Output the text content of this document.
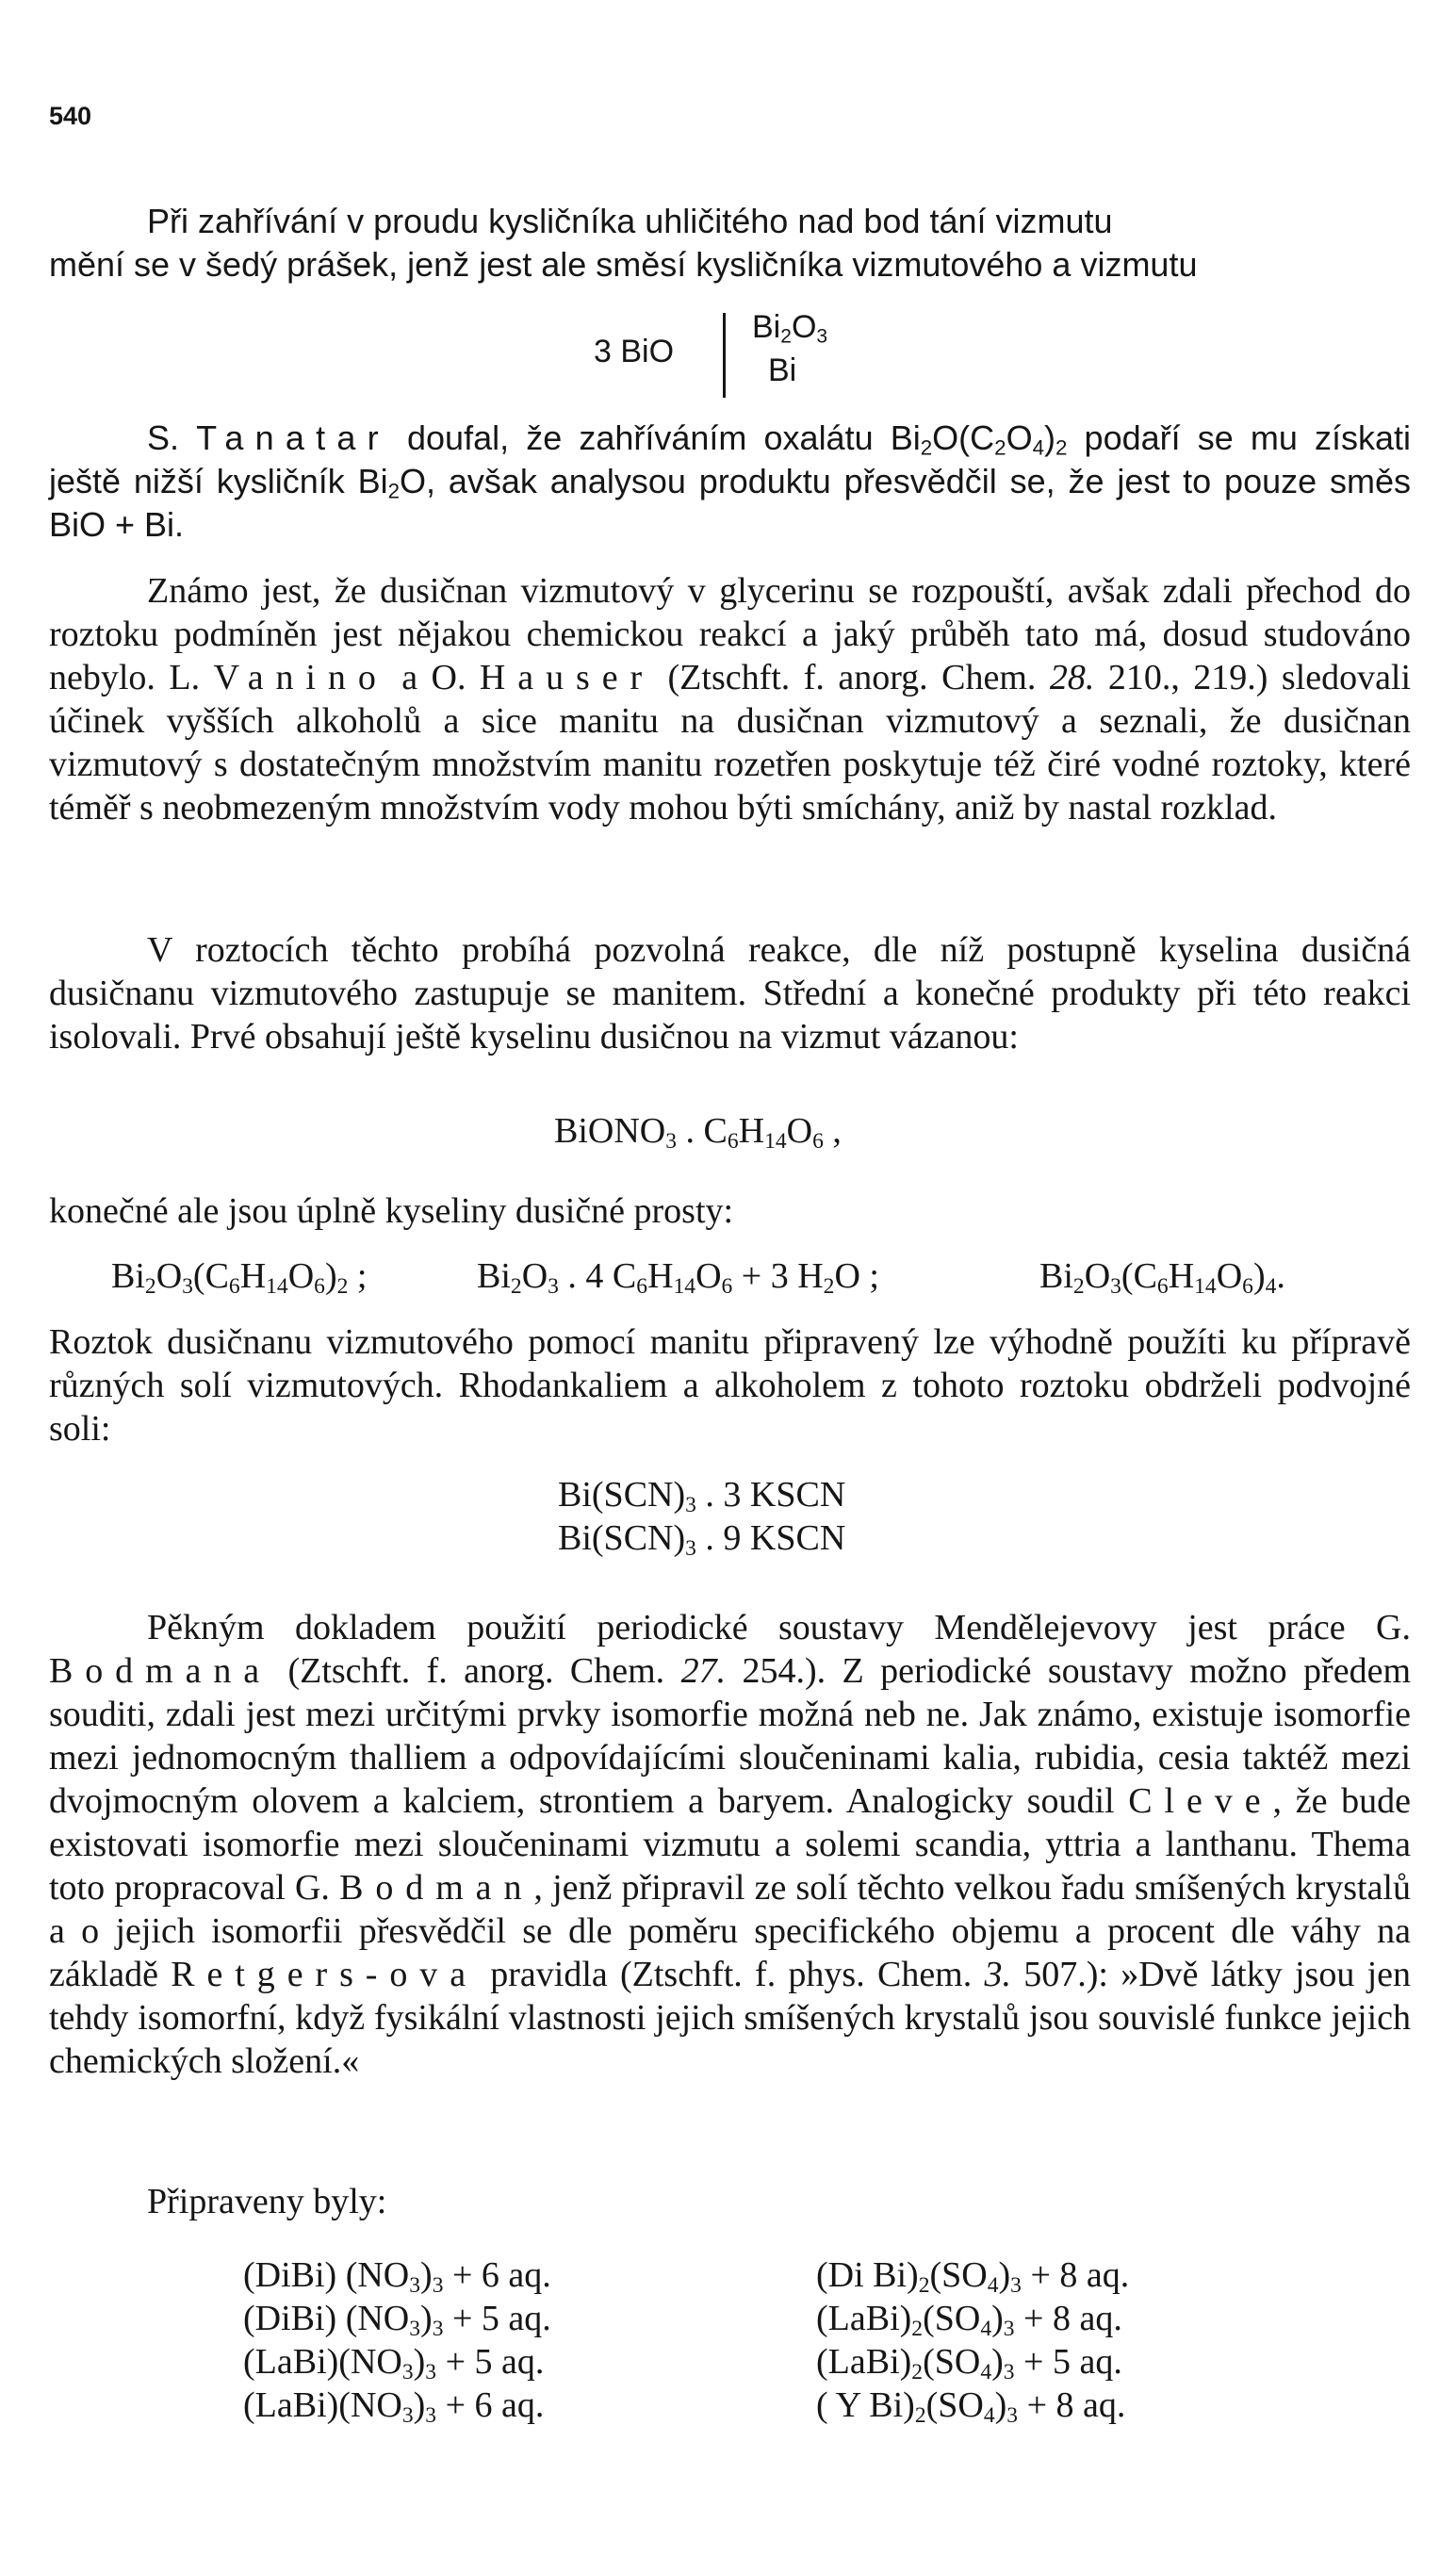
540
Při zahřívání v proudu kysličníka uhličitého nad bod tání vizmutu
mění se v šedý prášek, jenž jest ale směsí kysličníka vizmutového a vizmutu
3 BiO
$Bi_2O_3$
Bi
S. Tanatar doufal, že zahříváním oxalátu $Bi_2O(C_2O_4)_2$ podaří se mu získati ještě nižší kysličník $Bi_2O$, avšak analysou produktu přesvědčil se, že jest to pouze směs BiO + Bi.
Známo jest, že dusičnan vizmutový v glycerinu se rozpouští, avšak zdali přechod do roztoku podmíněn jest nějakou chemickou reakcí a jaký průběh tato má, dosud studováno nebylo. L. Vanino a O. Hauser (Ztschft. f. anorg. Chem. 28. 210., 219.) sledovali účinek vyšších alkoholů a sice manitu na dusičnan vizmutový a seznali, že dusičnan vizmutový s dostatečným množstvím manitu rozetřen poskytuje též čiré vodné roztoky, které téměř s neobmezeným množstvím vody mohou býti smíchány, aniž by nastal rozklad.
V roztocích těchto probíhá pozvolná reakce, dle níž postupně kyselina dusičná dusičnanu vizmutového zastupuje se manitem. Střední a konečné produkty při této reakci isolovali. Prvé obsahují ještě kyselinu dusičnou na vizmut vázanou:
BiONO$_3$ . $C_6H_{14}O_6$ ,
konečné ale jsou úplně kyseliny dusičné prosty:
$Bi_2O_3(C_6H_{14}O_6)_2$ ;	$Bi_2O_3$ . 4 $C_6H_{14}O_6 + 3$ $H_2O$ ;	$Bi_2O_3(C_6H_{14}O_6)_4$.
Roztok dusičnanu vizmutového pomocí manitu připravený lze výhodně použíti ku přípravě různých solí vizmutových. Rhodankaliem a alkoholem z tohoto roztoku obdrželi podvojné soli:
$Bi(SCN)_3$ . 3 KSCN
$Bi(SCN)_3$ . 9 KSCN
Pěkným dokladem použití periodické soustavy Mendělejevovy jest práce G. Bodmana (Ztschft. f. anorg. Chem. 27. 254.). Z periodické soustavy možno předem souditi, zdali jest mezi určitými prvky isomorfie možná neb ne. Jak známo, existuje isomorfie mezi jednomocným thalliem a odpovídajícími sloučeninami kalia, rubidia, cesia taktéž mezi dvojmocným olovem a kalciem, strontiem a baryem. Analogicky soudil Cleve, že bude existovati isomorfie mezi sloučeninami vizmutu a solemi scandia, yttria a lanthanu. Thema toto propracoval G. Bodman, jenž připravil ze solí těchto velkou řadu smíšených krystalů a o jejich isomorfii přesvědčil se dle poměru specifického objemu a procent dle váhy na základě Retgers-ova pravidla (Ztschft. f. phys. Chem. 3. 507.): »Dvě látky jsou jen tehdy isomorfní, když fysikální vlastnosti jejich smíšených krystalů jsou souvislé funkce jejich chemických složení.«
Připraveny byly:
(DiBi) $(NO_3)_3 + 6$ aq.
(DiBi) $(NO_3)_3 + 5$ aq.
$(LaBi)(NO_3)_3 + 5$ aq.
$(LaBi)(NO_3)_3 + 6$ aq.
(Di $Bi)_2(SO_4)_3 + 8$ aq.
$(LaBi)_2(SO_4)_3 + 8$ aq.
$(LaBi)_2(SO_4)_3 + 5$ aq.
( Y $Bi)_2(SO_4)_3 + 8$ aq.
